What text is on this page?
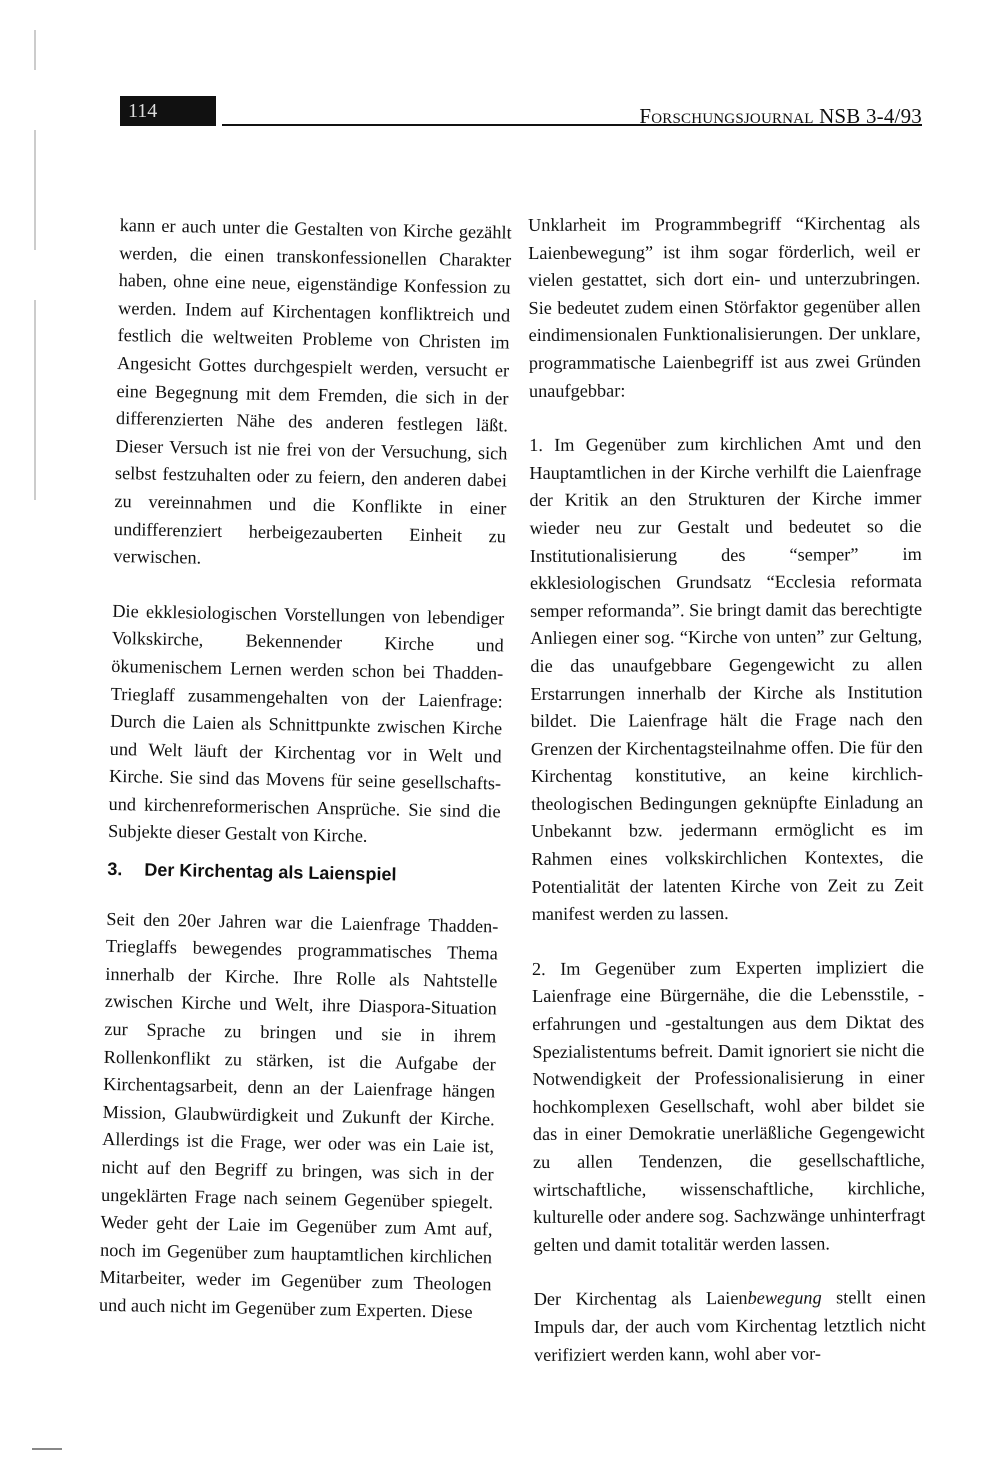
114	Forschungsjournal NSB 3-4/93

kann er auch unter die Gestalten von Kirche gezählt werden, die einen transkonfessionellen Charakter haben, ohne eine neue, eigenständige Konfession zu werden. Indem auf Kirchentagen konfliktreich und festlich die weltweiten Probleme von Christen im Angesicht Gottes durchgespielt werden, versucht er eine Begegnung mit dem Fremden, die sich in der differenzierten Nähe des anderen festlegen läßt. Dieser Versuch ist nie frei von der Versuchung, sich selbst festzuhalten oder zu feiern, den anderen dabei zu vereinnahmen und die Konflikte in einer undifferenziert herbeigezauberten Einheit zu verwischen.

Die ekklesiologischen Vorstellungen von lebendiger Volkskirche, Bekennender Kirche und ökumenischem Lernen werden schon bei Thadden-Trieglaff zusammengehalten von der Laienfrage: Durch die Laien als Schnittpunkte zwischen Kirche und Welt läuft der Kirchentag vor in Welt und Kirche. Sie sind das Movens für seine gesellschafts- und kirchenreformerischen Ansprüche. Sie sind die Subjekte dieser Gestalt von Kirche.

3. Der Kirchentag als Laienspiel

Seit den 20er Jahren war die Laienfrage Thadden-Trieglaffs bewegendes programmatisches Thema innerhalb der Kirche. Ihre Rolle als Nahtstelle zwischen Kirche und Welt, ihre Diaspora-Situation zur Sprache zu bringen und sie in ihrem Rollenkonflikt zu stärken, ist die Aufgabe der Kirchentagsarbeit, denn an der Laienfrage hängen Mission, Glaubwürdigkeit und Zukunft der Kirche. Allerdings ist die Frage, wer oder was ein Laie ist, nicht auf den Begriff zu bringen, was sich in der ungeklärten Frage nach seinem Gegenüber spiegelt. Weder geht der Laie im Gegenüber zum Amt auf, noch im Gegenüber zum hauptamtlichen kirchlichen Mitarbeiter, weder im Gegenüber zum Theologen und auch nicht im Gegenüber zum Experten. Diese

Unklarheit im Programmbegriff “Kirchentag als Laienbewegung” ist ihm sogar förderlich, weil er vielen gestattet, sich dort ein- und unterzubringen. Sie bedeutet zudem einen Störfaktor gegenüber allen eindimensionalen Funktionalisierungen. Der unklare, programmatische Laienbegriff ist aus zwei Gründen unaufgebbar:

1. Im Gegenüber zum kirchlichen Amt und den Hauptamtlichen in der Kirche verhilft die Laienfrage der Kritik an den Strukturen der Kirche immer wieder neu zur Gestalt und bedeutet so die Institutionalisierung des “semper” im ekklesiologischen Grundsatz “Ecclesia reformata semper reformanda”. Sie bringt damit das berechtigte Anliegen einer sog. “Kirche von unten” zur Geltung, die das unaufgebbare Gegengewicht zu allen Erstarrungen innerhalb der Kirche als Institution bildet. Die Laienfrage hält die Frage nach den Grenzen der Kirchentagsteilnahme offen. Die für den Kirchentag konstitutive, an keine kirchlich-theologischen Bedingungen geknüpfte Einladung an Unbekannt bzw. jedermann ermöglicht es im Rahmen eines volkskirchlichen Kontextes, die Potentialität der latenten Kirche von Zeit zu Zeit manifest werden zu lassen.

2. Im Gegenüber zum Experten impliziert die Laienfrage eine Bürgernähe, die die Lebensstile, -erfahrungen und -gestaltungen aus dem Diktat des Spezialistentums befreit. Damit ignoriert sie nicht die Notwendigkeit der Professionalisierung in einer hochkomplexen Gesellschaft, wohl aber bildet sie das in einer Demokratie unerläßliche Gegengewicht zu allen Tendenzen, die gesellschaftliche, wirtschaftliche, wissenschaftliche, kirchliche, kulturelle oder andere sog. Sachzwänge unhinterfragt gelten und damit totalitär werden lassen.

Der Kirchentag als Laienbewegung stellt einen Impuls dar, der auch vom Kirchentag letztlich nicht verifiziert werden kann, wohl aber vor-
